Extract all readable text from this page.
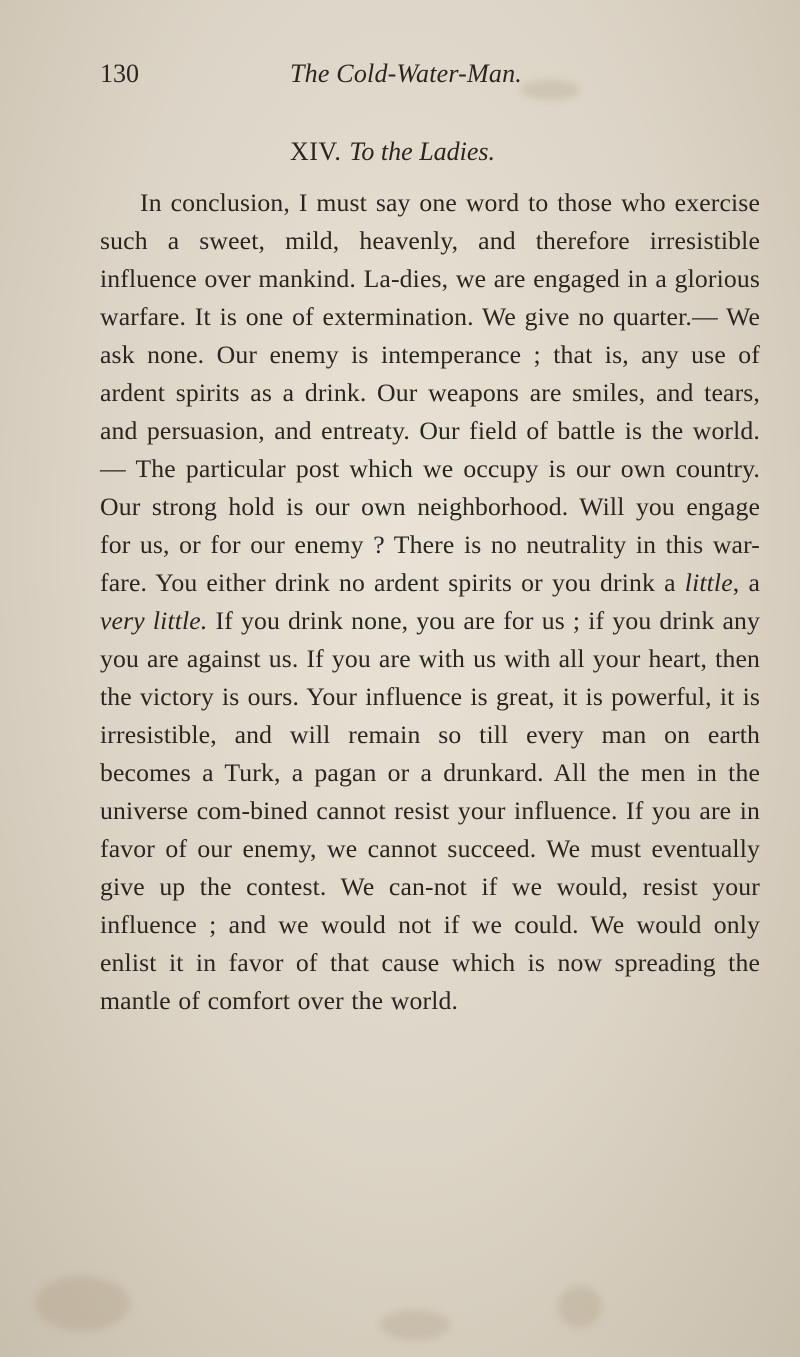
130	The Cold-Water-Man.
XIV. To the Ladies.

In conclusion, I must say one word to those who exercise such a sweet, mild, heavenly, and therefore irresistible influence over mankind. La-dies, we are engaged in a glorious warfare. It is one of extermination. We give no quarter.— We ask none. Our enemy is intemperance ; that is, any use of ardent spirits as a drink. Our weapons are smiles, and tears, and persuasion, and entreaty. Our field of battle is the world.— The particular post which we occupy is our own country. Our strong hold is our own neighborhood. Will you engage for us, or for our enemy ? There is no neutrality in this war-fare. You either drink no ardent spirits or you drink a little, a very little. If you drink none, you are for us ; if you drink any you are against us. If you are with us with all your heart, then the victory is ours. Your influence is great, it is powerful, it is irresistible, and will remain so till every man on earth becomes a Turk, a pagan or a drunkard. All the men in the universe com-bined cannot resist your influence. If you are in favor of our enemy, we cannot succeed. We must eventually give up the contest. We can-not if we would, resist your influence ; and we would not if we could. We would only enlist it in favor of that cause which is now spreading the mantle of comfort over the world.
